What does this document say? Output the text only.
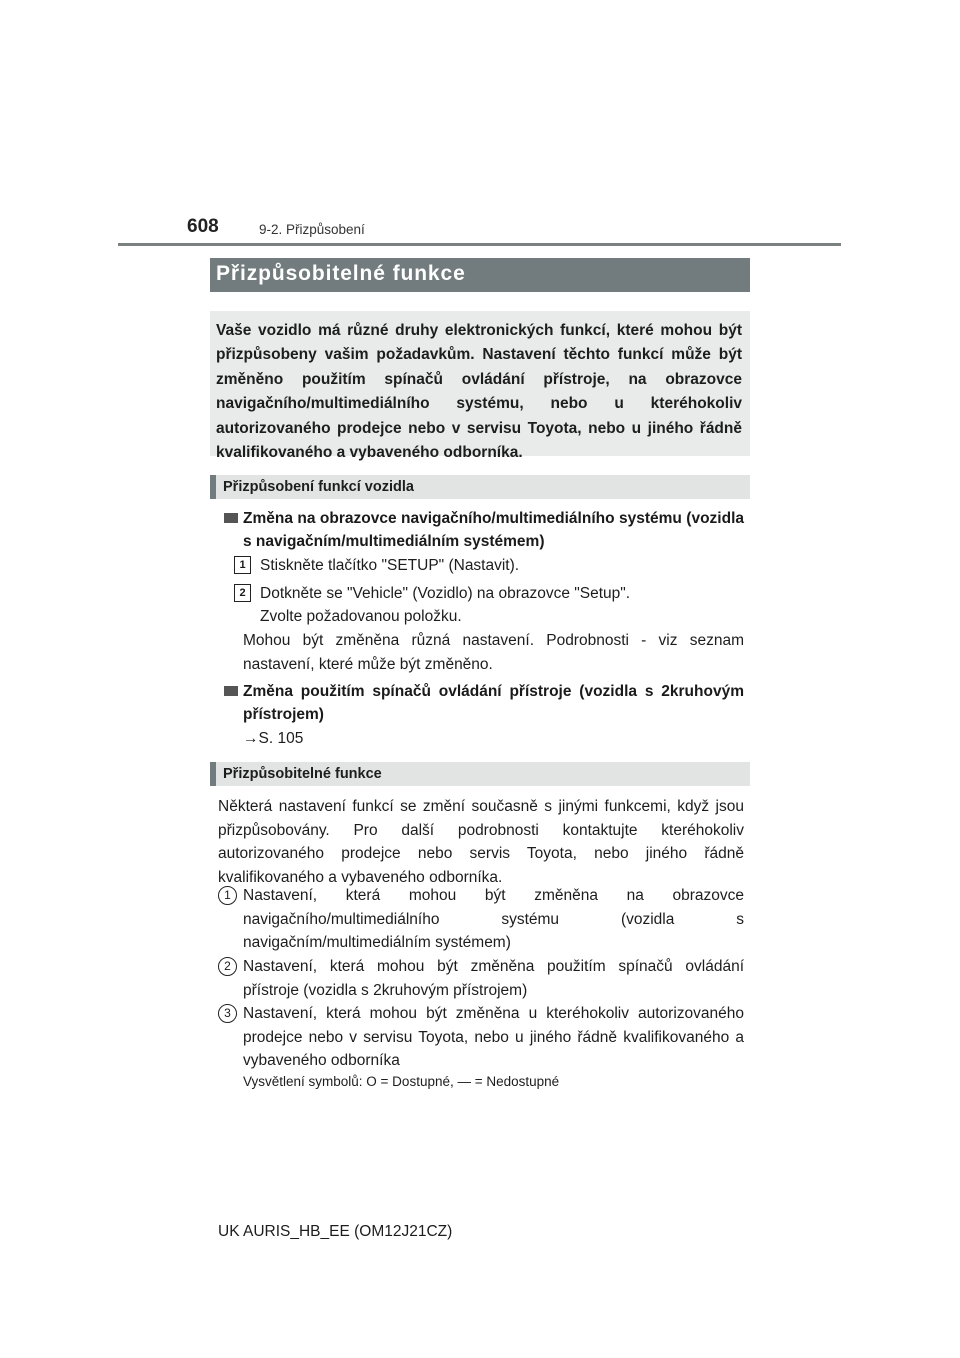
608	9-2. Přizpůsobení
Přizpůsobitelné funkce
Vaše vozidlo má různé druhy elektronických funkcí, které mohou být přizpůsobeny vašim požadavkům. Nastavení těchto funkcí může být změněno použitím spínačů ovládání přístroje, na obrazovce navigačního/multimediálního systému, nebo u kteréhokoliv autorizovaného prodejce nebo v servisu Toyota, nebo u jiného řádně kvalifikovaného a vybaveného odborníka.
Přizpůsobení funkcí vozidla
Změna na obrazovce navigačního/multimediálního systému (vozidla s navigačním/multimediálním systémem)
1 Stiskněte tlačítko "SETUP" (Nastavit).
2 Dotkněte se "Vehicle" (Vozidlo) na obrazovce "Setup".
Zvolte požadovanou položku.
Mohou být změněna různá nastavení. Podrobnosti - viz seznam nastavení, které může být změněno.
Změna použitím spínačů ovládání přístroje (vozidla s 2kruhovým přístrojem)
→S. 105
Přizpůsobitelné funkce
Některá nastavení funkcí se změní současně s jinými funkcemi, když jsou přizpůsobovány. Pro další podrobnosti kontaktujte kteréhokoliv autorizovaného prodejce nebo servis Toyota, nebo jiného řádně kvalifikovaného a vybaveného odborníka.
1 Nastavení, která mohou být změněna na obrazovce navigačního/multimediálního systému (vozidla s navigačním/multimediálním systémem)
2 Nastavení, která mohou být změněna použitím spínačů ovládání přístroje (vozidla s 2kruhovým přístrojem)
3 Nastavení, která mohou být změněna u kteréhokoliv autorizovaného prodejce nebo v servisu Toyota, nebo u jiného řádně kvalifikovaného a vybaveného odborníka
Vysvětlení symbolů: O = Dostupné, — = Nedostupné
UK AURIS_HB_EE (OM12J21CZ)
